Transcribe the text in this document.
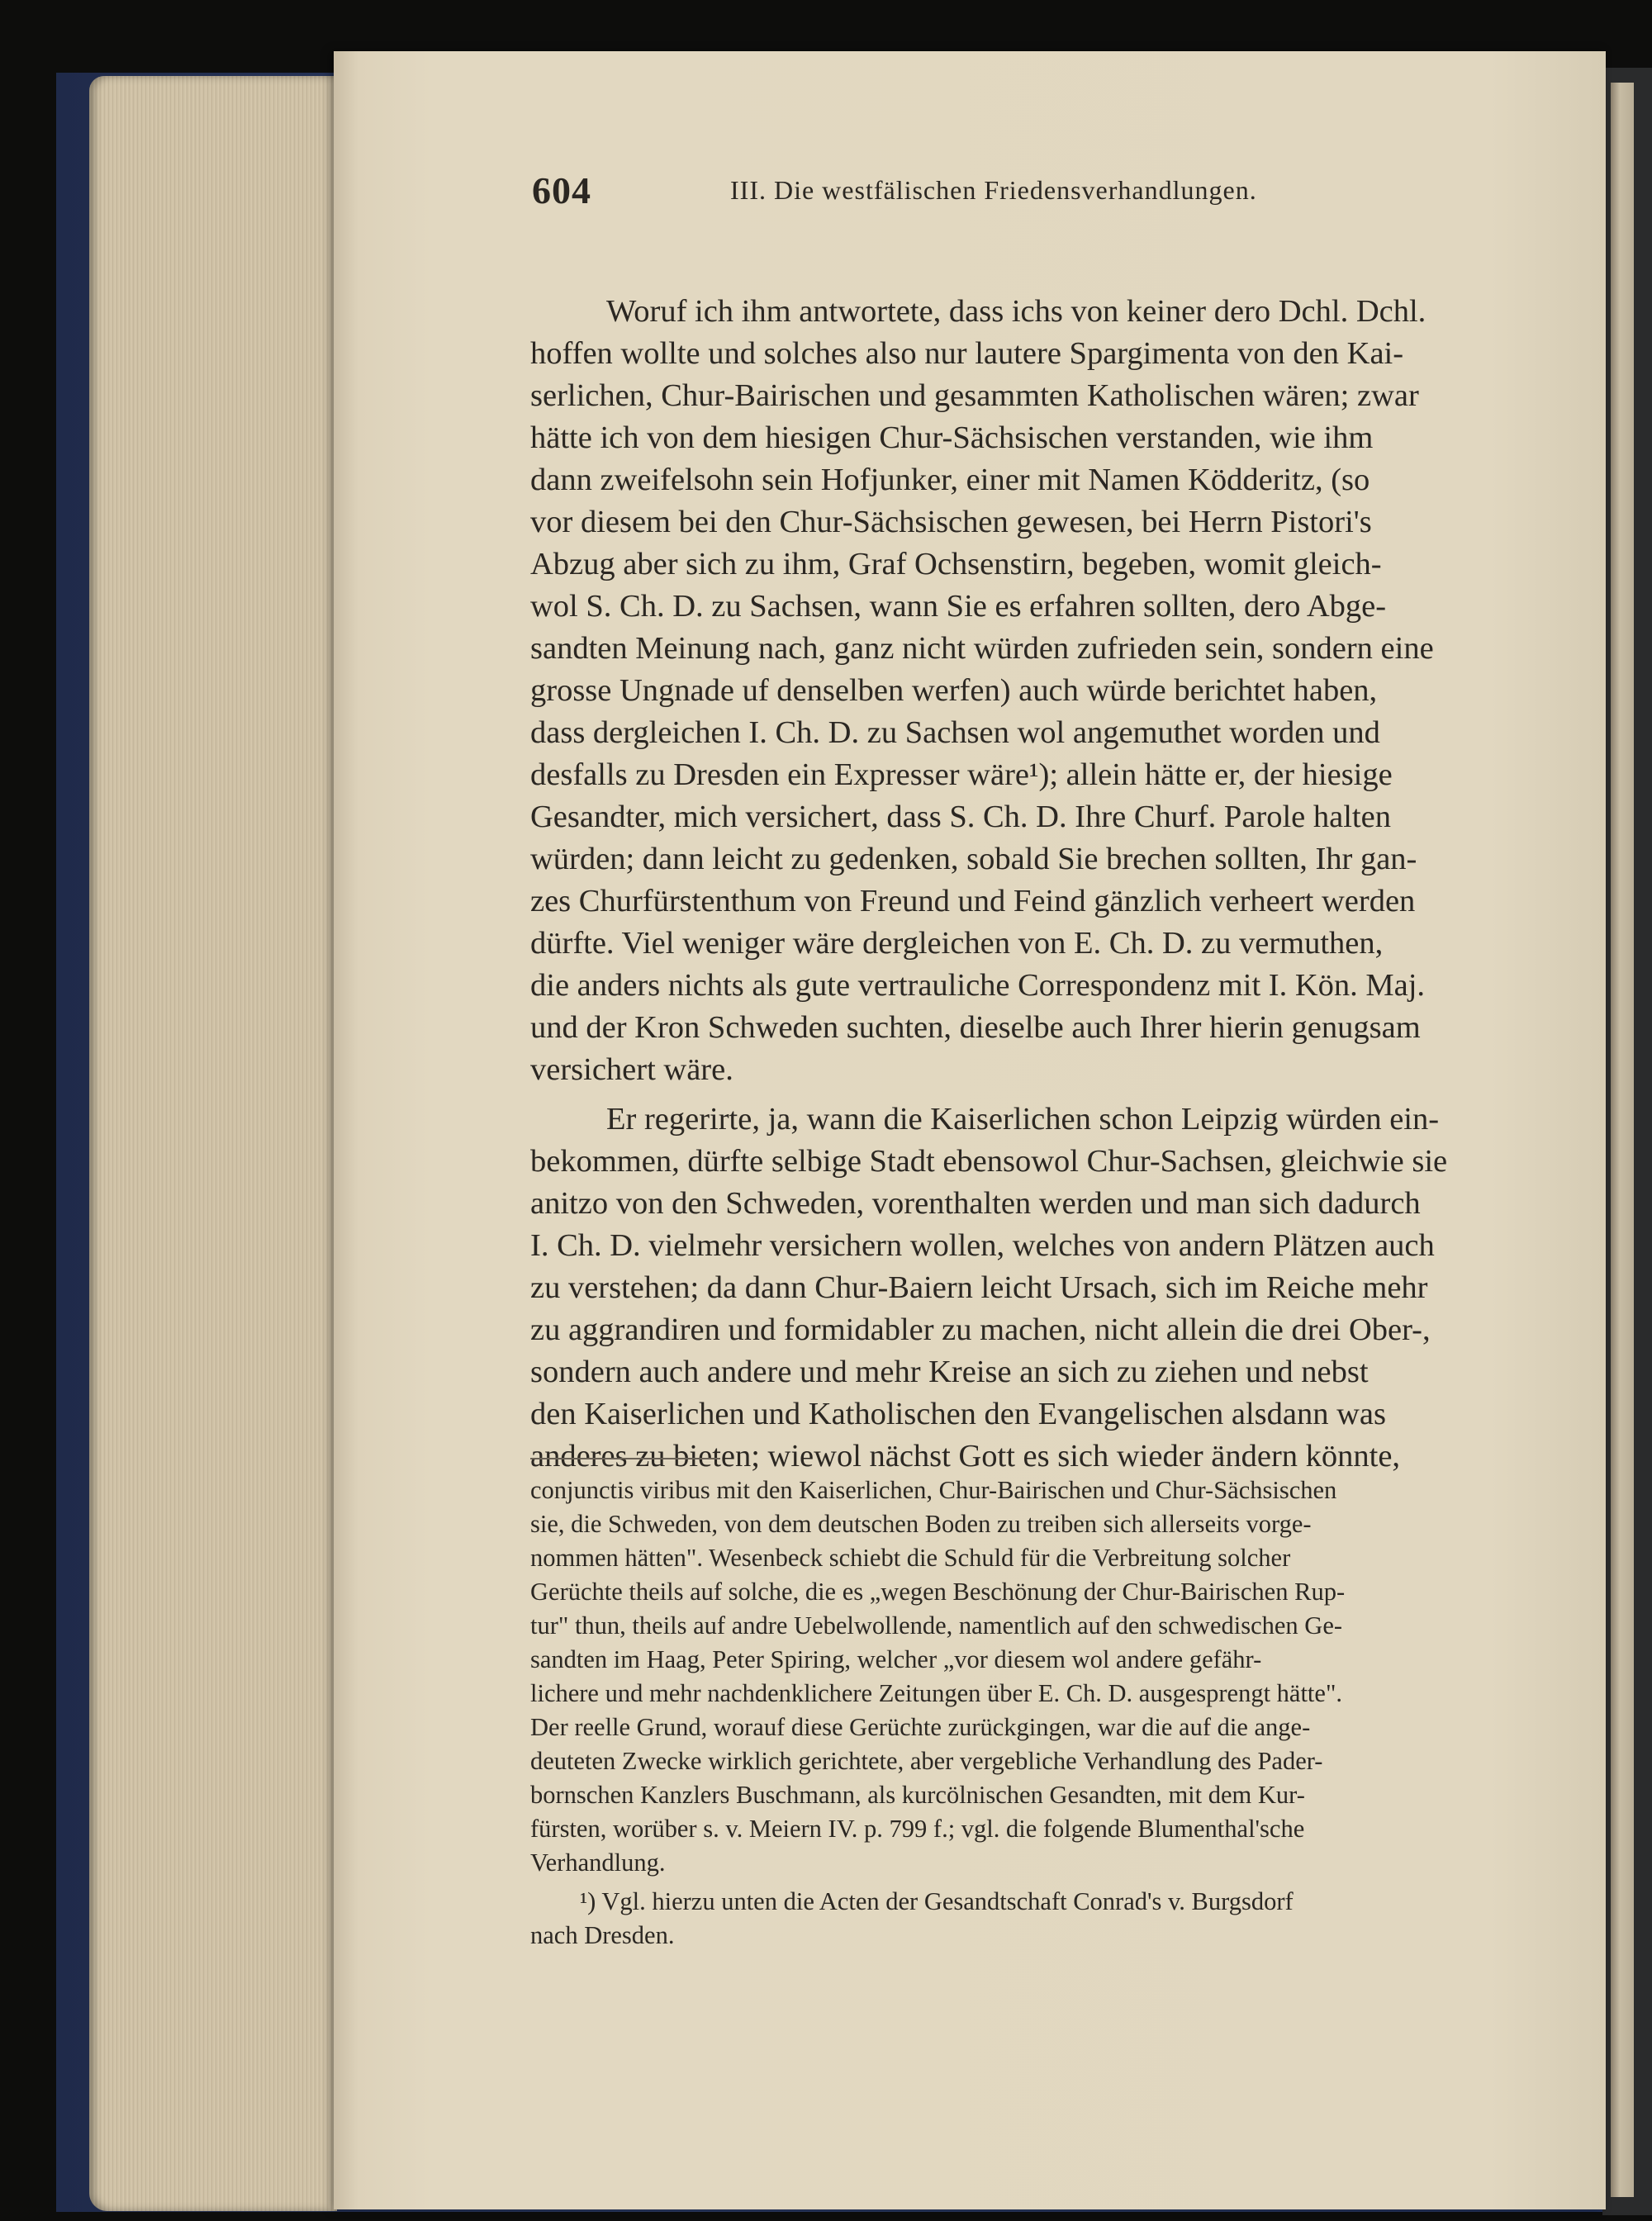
604	III. Die westfälischen Friedensverhandlungen.
Woruf ich ihm antwortete, dass ichs von keiner dero Dchl. Dchl.
hoffen wollte und solches also nur lautere Spargimenta von den Kai-
serlichen, Chur-Bairischen und gesammten Katholischen wären; zwar
hätte ich von dem hiesigen Chur-Sächsischen verstanden, wie ihm
dann zweifelsohn sein Hofjunker, einer mit Namen Ködderitz, (so
vor diesem bei den Chur-Sächsischen gewesen, bei Herrn Pistori's
Abzug aber sich zu ihm, Graf Ochsenstirn, begeben, womit gleich-
wol S. Ch. D. zu Sachsen, wann Sie es erfahren sollten, dero Abge-
sandten Meinung nach, ganz nicht würden zufrieden sein, sondern eine
grosse Ungnade uf denselben werfen) auch würde berichtet haben,
dass dergleichen I. Ch. D. zu Sachsen wol angemuthet worden und
desfalls zu Dresden ein Expresser wäre¹); allein hätte er, der hiesige
Gesandter, mich versichert, dass S. Ch. D. Ihre Churf. Parole halten
würden; dann leicht zu gedenken, sobald Sie brechen sollten, Ihr gan-
zes Churfürstenthum von Freund und Feind gänzlich verheert werden
dürfte. Viel weniger wäre dergleichen von E. Ch. D. zu vermuthen,
die anders nichts als gute vertrauliche Correspondenz mit I. Kön. Maj.
und der Kron Schweden suchten, dieselbe auch Ihrer hierin genugsam
versichert wäre.
Er regerirte, ja, wann die Kaiserlichen schon Leipzig würden ein-
bekommen, dürfte selbige Stadt ebensowol Chur-Sachsen, gleichwie sie
anitzo von den Schweden, vorenthalten werden und man sich dadurch
I. Ch. D. vielmehr versichern wollen, welches von andern Plätzen auch
zu verstehen; da dann Chur-Baiern leicht Ursach, sich im Reiche mehr
zu aggrandiren und formidabler zu machen, nicht allein die drei Ober-,
sondern auch andere und mehr Kreise an sich zu ziehen und nebst
den Kaiserlichen und Katholischen den Evangelischen alsdann was
anderes zu bieten; wiewol nächst Gott es sich wieder ändern könnte,
conjunctis viribus mit den Kaiserlichen, Chur-Bairischen und Chur-Sächsischen
sie, die Schweden, von dem deutschen Boden zu treiben sich allerseits vorge-
nommen hätten". Wesenbeck schiebt die Schuld für die Verbreitung solcher
Gerüchte theils auf solche, die es „wegen Beschönung der Chur-Bairischen Rup-
tur" thun, theils auf andre Uebelwollende, namentlich auf den schwedischen Ge-
sandten im Haag, Peter Spiring, welcher „vor diesem wol andere gefähr-
lichere und mehr nachdenklichere Zeitungen über E. Ch. D. ausgesprengt hätte".
Der reelle Grund, worauf diese Gerüchte zurückgingen, war die auf die ange-
deuteten Zwecke wirklich gerichtete, aber vergebliche Verhandlung des Pader-
bornschen Kanzlers Buschmann, als kurcölnischen Gesandten, mit dem Kur-
fürsten, worüber s. v. Meiern IV. p. 799 f.; vgl. die folgende Blumenthal'sche
Verhandlung.
¹) Vgl. hierzu unten die Acten der Gesandtschaft Conrad's v. Burgsdorf
nach Dresden.
